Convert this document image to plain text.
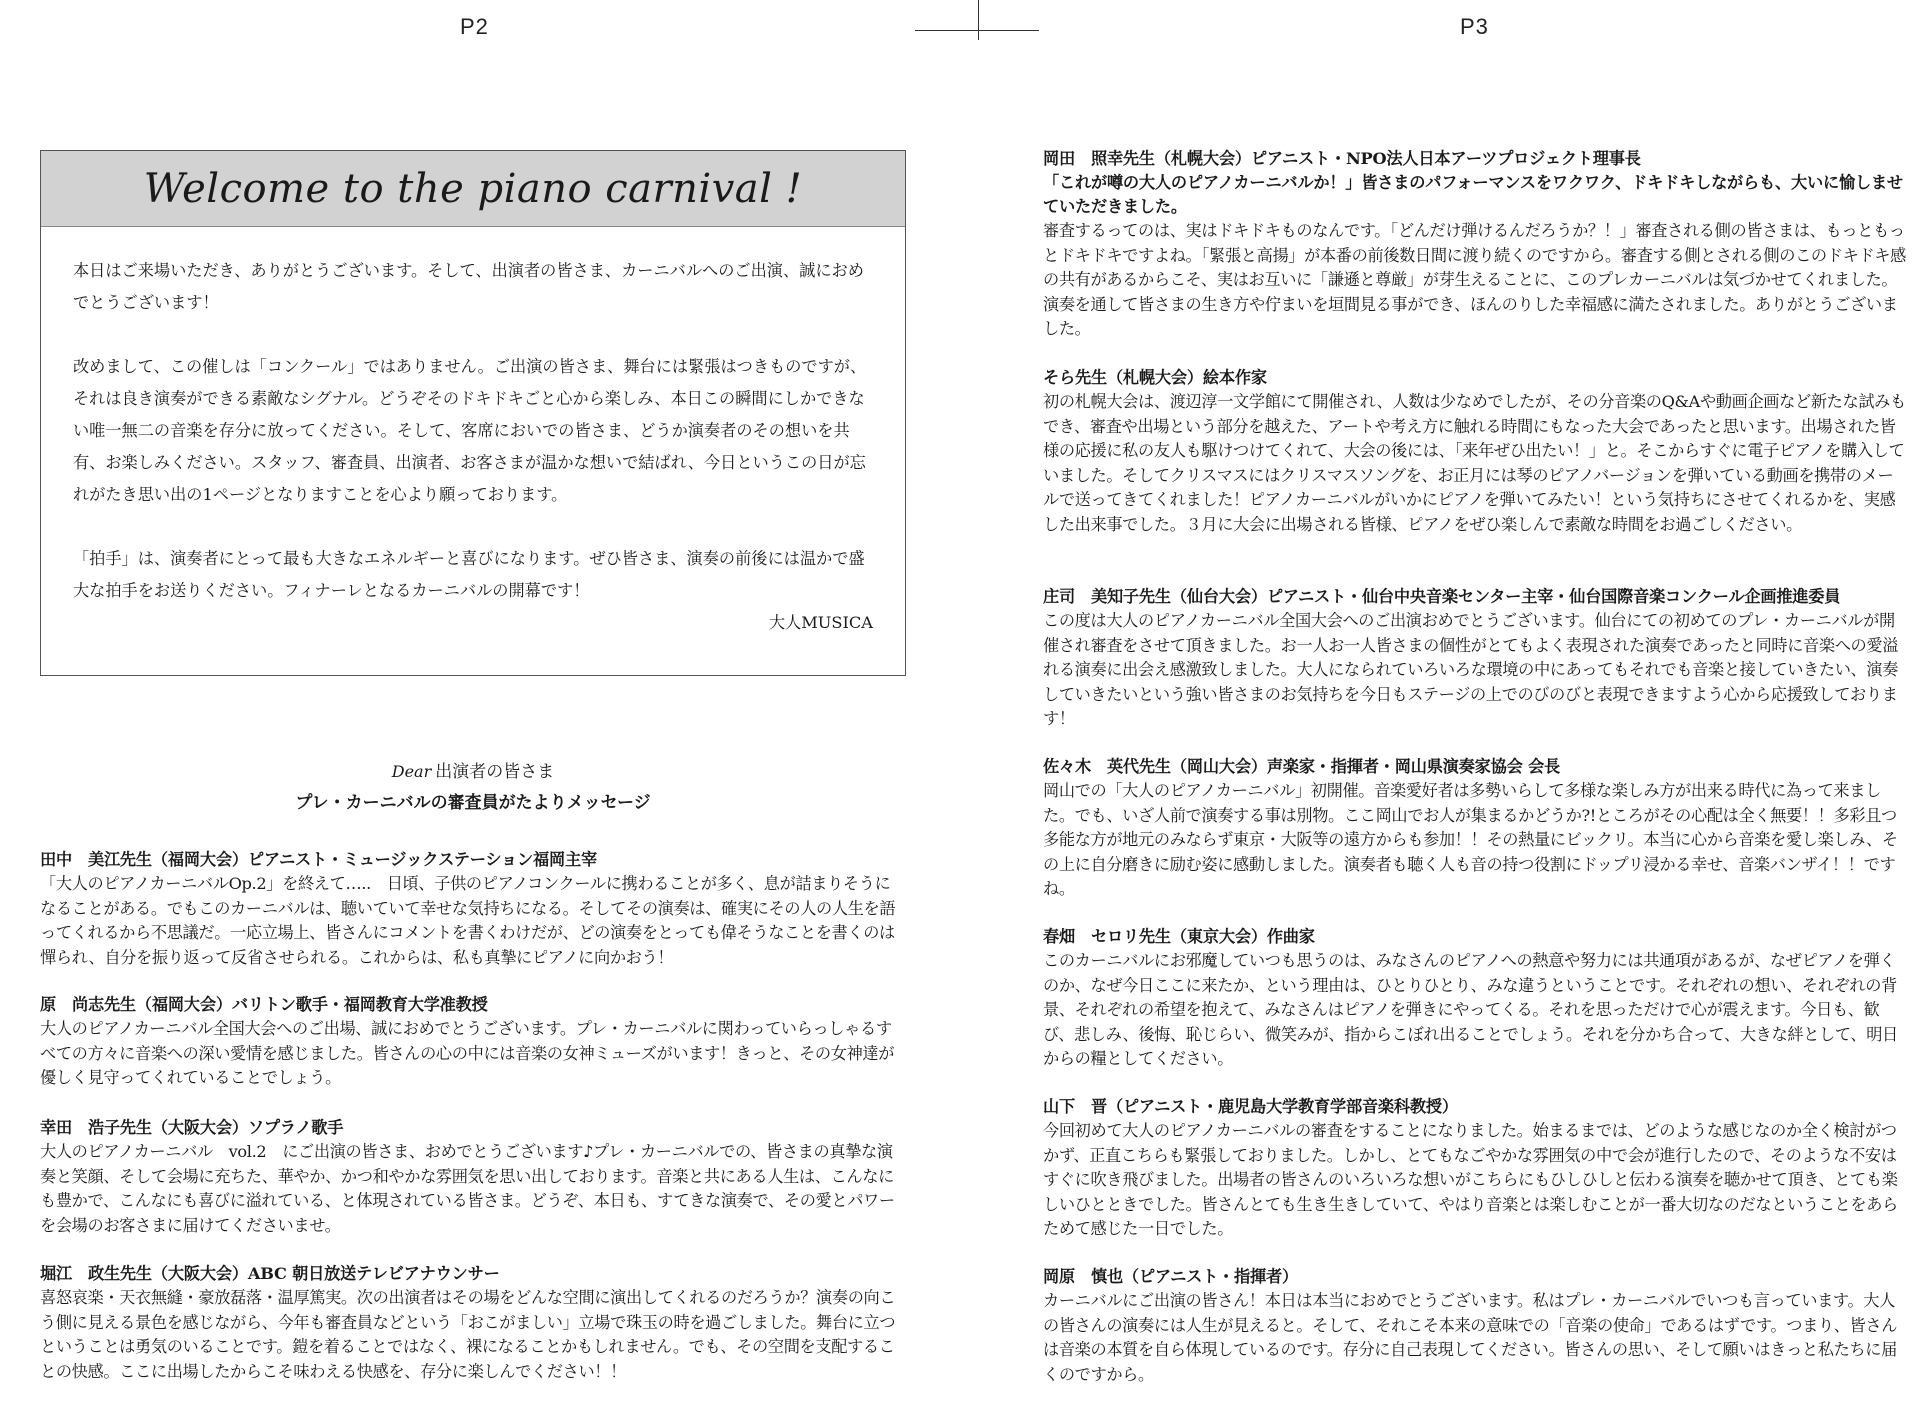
P2	P3
Welcome to the piano carnival !

本日はご来場いただき、ありがとうございます。そして、出演者の皆さま、カーニバルへのご出演、誠におめでとうございます！

改めまして、この催しは「コンクール」ではありません。ご出演の皆さま、舞台には緊張はつきものですが、それは良き演奏ができる素敵なシグナル。どうぞそのドキドキごと心から楽しみ、本日この瞬間にしかできない唯一無二の音楽を存分に放ってください。そして、客席においでの皆さま、どうか演奏者のその想いを共有、お楽しみください。スタッフ、審査員、出演者、お客さまが温かな想いで結ばれ、今日というこの日が忘れがたき思い出の1ページとなりますことを心より願っております。

「拍手」は、演奏者にとって最も大きなエネルギーと喜びになります。ぜひ皆さま、演奏の前後には温かで盛大な拍手をお送りください。フィナーレとなるカーニバルの開幕です！

大人MUSICA
Dear 出演者の皆さま
プレ・カーニバルの審査員がたよりメッセージ
田中　美江先生（福岡大会）ピアニスト・ミュージックステーション福岡主宰
「大人のピアノカーニバルOp.2」を終えて…..　日頃、子供のピアノコンクールに携わることが多く、息が詰まりそうになることがある。でもこのカーニバルは、聴いていて幸せな気持ちになる。そしてその演奏は、確実にその人の人生を語ってくれるから不思議だ。一応立場上、皆さんにコメントを書くわけだが、どの演奏をとっても偉そうなことを書くのは憚られ、自分を振り返って反省させられる。これからは、私も真摯にピアノに向かおう！
原　尚志先生（福岡大会）バリトン歌手・福岡教育大学准教授
大人のピアノカーニバル全国大会へのご出場、誠におめでとうございます。プレ・カーニバルに関わっていらっしゃるすべての方々に音楽への深い愛情を感じました。皆さんの心の中には音楽の女神ミューズがいます！きっと、その女神達が優しく見守ってくれていることでしょう。
幸田　浩子先生（大阪大会）ソプラノ歌手
大人のピアノカーニバル　vol.2　にご出演の皆さま、おめでとうございます♪プレ・カーニバルでの、皆さまの真摯な演奏と笑顔、そして会場に充ちた、華やか、かつ和やかな雰囲気を思い出しております。音楽と共にある人生は、こんなにも豊かで、こんなにも喜びに溢れている、と体現されている皆さま。どうぞ、本日も、すてきな演奏で、その愛とパワーを会場のお客さまに届けてくださいませ。
堀江　政生先生（大阪大会）ABC 朝日放送テレビアナウンサー
喜怒哀楽・天衣無縫・豪放磊落・温厚篤実。次の出演者はその場をどんな空間に演出してくれるのだろうか？演奏の向こう側に見える景色を感じながら、今年も審査員などという「おこがましい」立場で珠玉の時を過ごしました。舞台に立つということは勇気のいることです。鎧を着ることではなく、裸になることかもしれません。でも、その空間を支配することの快感。ここに出場したからこそ味わえる快感を、存分に楽しんでください！！
岡田　照幸先生（札幌大会）ピアニスト・NPO法人日本アーツプロジェクト理事長
「これが噂の大人のピアノカーニバルか！」皆さまのパフォーマンスをワクワク、ドキドキしながらも、大いに愉しませていただきました。
審査するってのは、実はドキドキものなんです。「どんだけ弾けるんだろうか？！」審査される側の皆さまは、もっともっとドキドキですよね。「緊張と高揚」が本番の前後数日間に渡り続くのですから。審査する側とされる側のこのドキドキ感の共有があるからこそ、実はお互いに「謙遜と尊厳」が芽生えることに、このプレカーニバルは気づかせてくれました。演奏を通して皆さまの生き方や佇まいを垣間見る事ができ、ほんのりした幸福感に満たされました。ありがとうございました。
そら先生（札幌大会）絵本作家
初の札幌大会は、渡辺淳一文学館にて開催され、人数は少なめでしたが、その分音楽のQ&Aや動画企画など新たな試みもでき、審査や出場という部分を越えた、アートや考え方に触れる時間にもなった大会であったと思います。出場された皆様の応援に私の友人も駆けつけてくれて、大会の後には、「来年ぜひ出たい！」と。そこからすぐに電子ピアノを購入していました。そしてクリスマスにはクリスマスソングを、お正月には琴のピアノバージョンを弾いている動画を携帯のメールで送ってきてくれました！ピアノカーニバルがいかにピアノを弾いてみたい！という気持ちにさせてくれるかを、実感した出来事でした。３月に大会に出場される皆様、ピアノをぜひ楽しんで素敵な時間をお過ごしください。
庄司　美知子先生（仙台大会）ピアニスト・仙台中央音楽センター主宰・仙台国際音楽コンクール企画推進委員
この度は大人のピアノカーニバル全国大会へのご出演おめでとうございます。仙台にての初めてのプレ・カーニバルが開催され審査をさせて頂きました。お一人お一人皆さまの個性がとてもよく表現された演奏であったと同時に音楽への愛溢れる演奏に出会え感激致しました。大人になられていろいろな環境の中にあってもそれでも音楽と接していきたい、演奏していきたいという強い皆さまのお気持ちを今日もステージの上でのびのびと表現できますよう心から応援致しております！
佐々木　英代先生（岡山大会）声楽家・指揮者・岡山県演奏家協会 会長
岡山での「大人のピアノカーニバル」初開催。音楽愛好者は多勢いらして多様な楽しみ方が出来る時代に為って来ました。でも、いざ人前で演奏する事は別物。ここ岡山でお人が集まるかどうか?!ところがその心配は全く無要！！多彩且つ多能な方が地元のみならず東京・大阪等の遠方からも参加！！その熱量にビックリ。本当に心から音楽を愛し楽しみ、その上に自分磨きに励む姿に感動しました。演奏者も聴く人も音の持つ役割にドップリ浸かる幸せ、音楽バンザイ！！ですね。
春畑　セロリ先生（東京大会）作曲家
このカーニバルにお邪魔していつも思うのは、みなさんのピアノへの熱意や努力には共通項があるが、なぜピアノを弾くのか、なぜ今日ここに来たか、という理由は、ひとりひとり、みな違うということです。それぞれの想い、それぞれの背景、それぞれの希望を抱えて、みなさんはピアノを弾きにやってくる。それを思っただけで心が震えます。今日も、歓び、悲しみ、後悔、恥じらい、微笑みが、指からこぼれ出ることでしょう。それを分かち合って、大きな絆として、明日からの糧としてください。
山下　晋（ピアニスト・鹿児島大学教育学部音楽科教授）
今回初めて大人のピアノカーニバルの審査をすることになりました。始まるまでは、どのような感じなのか全く検討がつかず、正直こちらも緊張しておりました。しかし、とてもなごやかな雰囲気の中で会が進行したので、そのような不安はすぐに吹き飛びました。出場者の皆さんのいろいろな想いがこちらにもひしひしと伝わる演奏を聴かせて頂き、とても楽しいひとときでした。皆さんとても生き生きしていて、やはり音楽とは楽しむことが一番大切なのだなということをあらためて感じた一日でした。
岡原　慎也（ピアニスト・指揮者）
カーニバルにご出演の皆さん！本日は本当におめでとうございます。私はプレ・カーニバルでいつも言っています。大人の皆さんの演奏には人生が見えると。そして、それこそ本来の意味での「音楽の使命」であるはずです。つまり、皆さんは音楽の本質を自ら体現しているのです。存分に自己表現してください。皆さんの思い、そして願いはきっと私たちに届くのですから。
